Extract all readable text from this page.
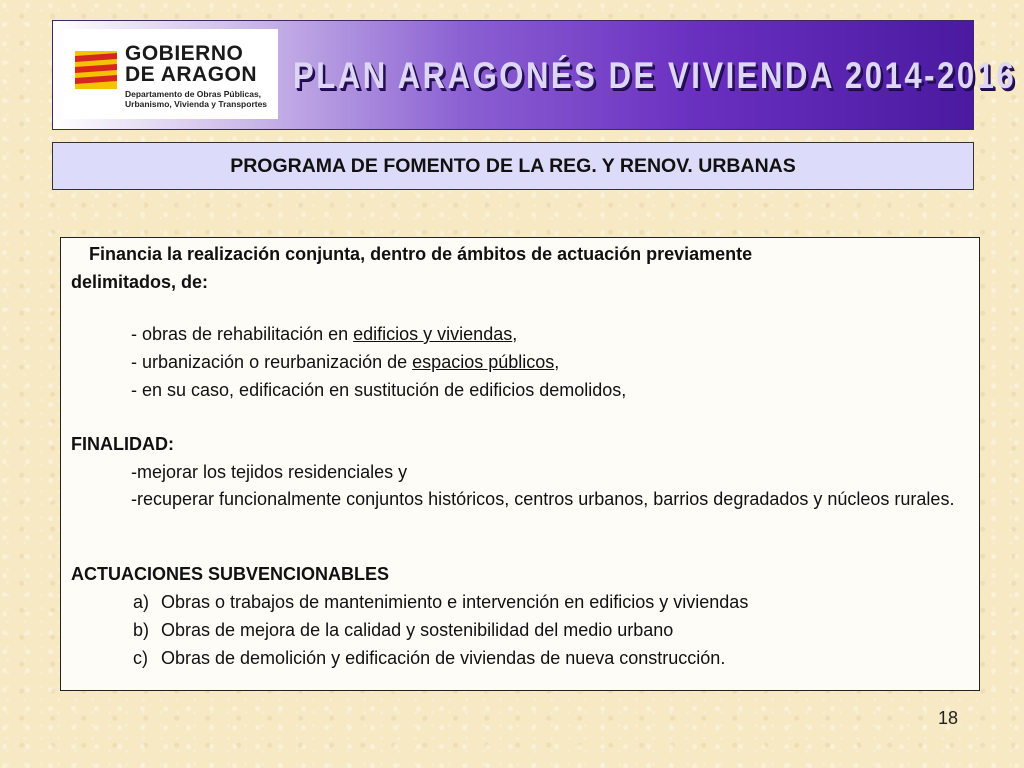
GOBIERNO
DE ARAGON
Departamento de Obras Públicas,
Urbanismo, Vivienda y Transportes
PLAN ARAGONÉS DE VIVIENDA 2014-2016
PROGRAMA DE FOMENTO DE LA REG. Y RENOV. URBANAS
Financia la realización conjunta, dentro de ámbitos de actuación previamente
delimitados, de:
- obras de rehabilitación en edificios y viviendas,
- urbanización o reurbanización de espacios públicos,
- en su caso, edificación en sustitución de edificios demolidos,
FINALIDAD:
-mejorar los tejidos residenciales y
-recuperar funcionalmente conjuntos históricos, centros urbanos, barrios degradados y núcleos rurales.
ACTUACIONES SUBVENCIONABLES
a) Obras o trabajos de mantenimiento e intervención en edificios y viviendas
b) Obras de mejora de la calidad y sostenibilidad del medio urbano
c) Obras de demolición y edificación de viviendas de nueva construcción.
18
